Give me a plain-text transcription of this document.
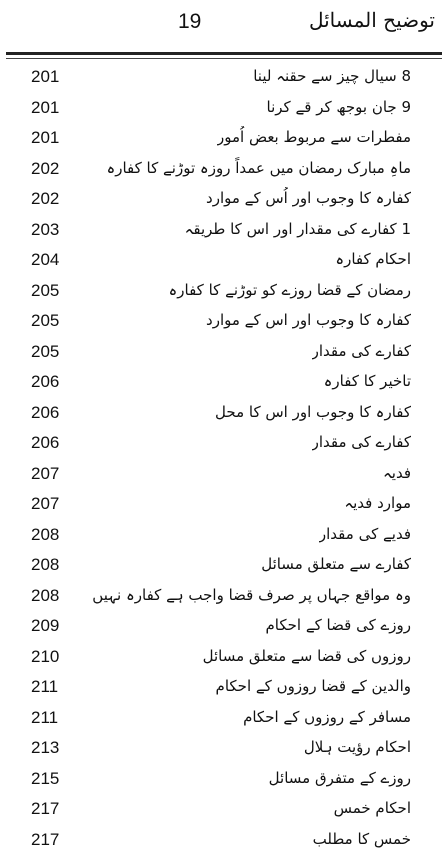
توضیح المسائل
19
8 سیال چیز سے حقنہ لینا
201
9 جان بوجھ کر قے کرنا
201
مفطرات سے مربوط بعض اُمور
201
ماہِ مبارک رمضان میں عمداً روزہ توڑنے کا کفارہ
202
کفارہ کا وجوب اور اُس کے موارد
202
1 کفارے کی مقدار اور اس کا طریقہ
203
احکام کفارہ
204
رمضان کے قضا روزے کو توڑنے کا کفارہ
205
کفارہ کا وجوب اور اس کے موارد
205
کفارے کی مقدار
205
تاخیر کا کفارہ
206
کفارہ کا وجوب اور اس کا محل
206
کفارے کی مقدار
206
فدیہ
207
موارد فدیہ
207
فدیے کی مقدار
208
کفارے سے متعلق مسائل
208
وہ مواقع جہاں پر صرف قضا واجب ہے کفارہ نہیں
208
روزے کی قضا کے احکام
209
روزوں کی قضا سے متعلق مسائل
210
والدین کے قضا روزوں کے احکام
211
مسافر کے روزوں کے احکام
211
احکام رؤیت ہلال
213
روزے کے متفرق مسائل
215
احکام خمس
217
خمس کا مطلب
217
